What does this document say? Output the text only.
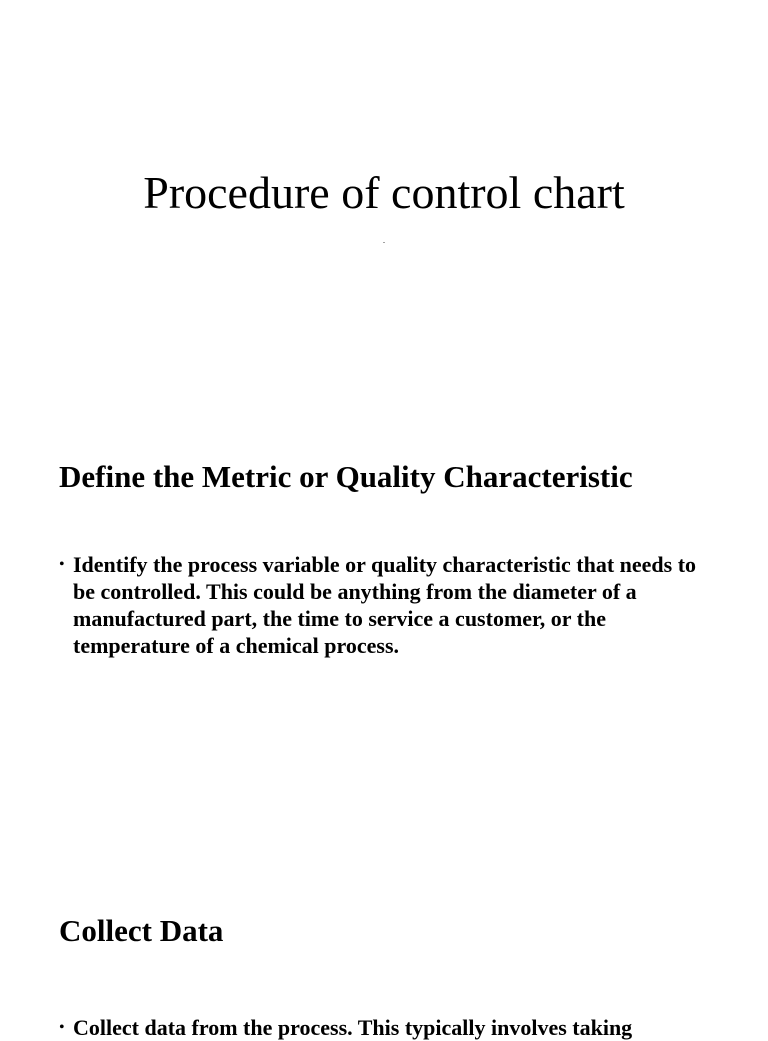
Procedure of control chart
.
Define the Metric or Quality Characteristic
• Identify the process variable or quality characteristic that needs to be controlled. This could be anything from the diameter of a manufactured part, the time to service a customer, or the temperature of a chemical process.
Collect Data
• Collect data from the process. This typically involves taking
